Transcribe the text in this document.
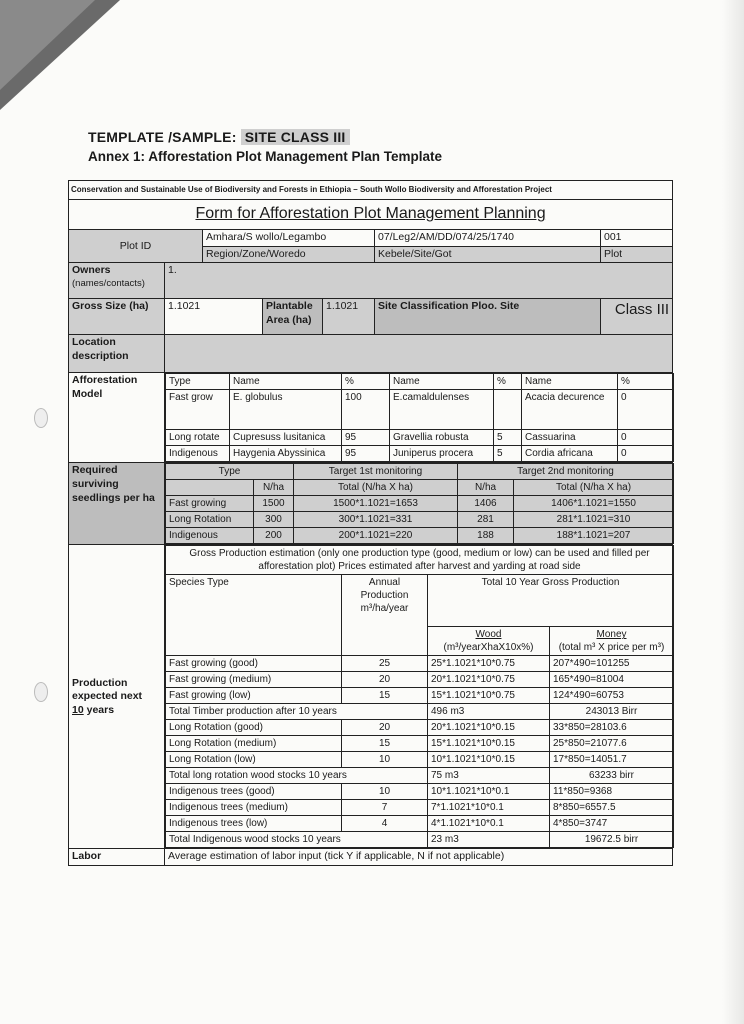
TEMPLATE /SAMPLE: SITE CLASS III
Annex 1: Afforestation Plot Management Plan Template
Conservation and Sustainable Use of Biodiversity and Forests in Ethiopia – South Wollo Biodiversity and Afforestation Project
Form for Afforestation Plot Management Planning
Plot ID	Amhara/S wollo/Legambo	07/Leg2/AM/DD/074/25/1740	001
Region/Zone/Woredo	Kebele/Site/Got	Plot

Owners
(names/contacts)
	1.
Gross Size (ha)	1.1021	Plantable Area (ha)	1.1021	Site Classification Ploo. Site	Class III
Location description	
Afforestation Model	
Type	Name	%	Name	%	Name	%
Fast grow	E. globulus	100	E.camaldulenses		Acacia decurence	0
Long rotate	Cupresuss lusitanica	95	Gravellia robusta	5	Cassuarina	0
Indigenous	Haygenia Abyssinica	95	Juniperus procera	5	Cordia africana	0

Required surviving seedlings per ha	
Type	Target 1st monitoring	Target 2nd monitoring
	N/ha	Total (N/ha X ha)	N/ha	Total (N/ha X ha)
Fast growing	1500	1500*1.1021=1653	1406	1406*1.1021=1550
Long Rotation	300	300*1.1021=331	281	281*1.1021=310
Indigenous	200	200*1.1021=220	188	188*1.1021=207

Production
expected next
10 years

Gross Production estimation (only one production type (good, medium or low) can be used and filled per afforestation plot) Prices estimated after harvest and yarding at road side
Species Type	Annual Production m³/ha/year	Total 10 Year Gross Production

Wood
(m³/yearXhaX10x%)

Money
(total m³ X price per m³)

Fast growing (good)	25	25*1.1021*10*0.75	207*490=101255
Fast growing (medium)	20	20*1.1021*10*0.75	165*490=81004
Fast growing (low)	15	15*1.1021*10*0.75	124*490=60753
Total Timber production after 10 years	496 m3	243013 Birr
Long Rotation (good)	20	20*1.1021*10*0.15	33*850=28103.6
Long Rotation (medium)	15	15*1.1021*10*0.15	25*850=21077.6
Long Rotation (low)	10	10*1.1021*10*0.15	17*850=14051.7
Total long rotation wood stocks 10 years	75 m3	63233 birr
Indigenous trees (good)	10	10*1.1021*10*0.1	11*850=9368
Indigenous trees (medium)	7	7*1.1021*10*0.1	8*850=6557.5
Indigenous trees (low)	4	4*1.1021*10*0.1	4*850=3747
Total Indigenous wood stocks 10 years	23 m3	19672.5 birr

Labor	Average estimation of labor input (tick Y if applicable, N if not applicable)
